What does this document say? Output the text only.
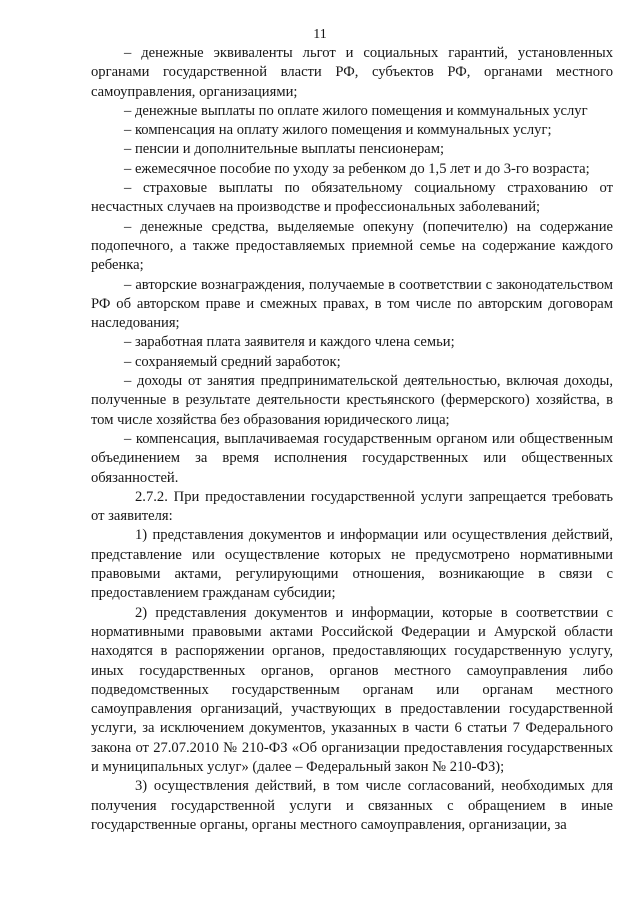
11

– денежные эквиваленты льгот и социальных гарантий, установленных органами государственной власти РФ, субъектов РФ, органами местного самоуправления, организациями;

– денежные выплаты по оплате жилого помещения и коммунальных услуг

– компенсация на оплату жилого помещения и коммунальных услуг;

– пенсии и дополнительные выплаты пенсионерам;

– ежемесячное пособие по уходу за ребенком до 1,5 лет и до 3-го возраста;

– страховые выплаты по обязательному социальному страхованию от несчастных случаев на производстве и профессиональных заболеваний;

– денежные средства, выделяемые опекуну (попечителю) на содержание подопечного, а также предоставляемых приемной семье на содержание каждого ребенка;

– авторские вознаграждения, получаемые в соответствии с законодательством РФ об авторском праве и смежных правах, в том числе по авторским договорам наследования;

– заработная плата заявителя и каждого члена семьи;

– сохраняемый средний заработок;

– доходы от занятия предпринимательской деятельностью, включая доходы, полученные в результате деятельности крестьянского (фермерского) хозяйства, в том числе хозяйства без образования юридического лица;

– компенсация, выплачиваемая государственным органом или общественным объединением за время исполнения государственных или общественных обязанностей.

2.7.2. При предоставлении государственной услуги запрещается требовать от заявителя:

1) представления документов и информации или осуществления действий, представление или осуществление которых не предусмотрено нормативными правовыми актами, регулирующими отношения, возникающие в связи с предоставлением гражданам субсидии;

2) представления документов и информации, которые в соответствии с нормативными правовыми актами Российской Федерации и Амурской области находятся в распоряжении органов, предоставляющих государственную услугу, иных государственных органов, органов местного самоуправления либо подведомственных государственным органам или органам местного самоуправления организаций, участвующих в предоставлении государственной услуги, за исключением документов, указанных в части 6 статьи 7 Федерального закона от 27.07.2010 № 210-ФЗ «Об организации предоставления государственных и муниципальных услуг» (далее – Федеральный закон № 210-ФЗ);

3) осуществления действий, в том числе согласований, необходимых для получения государственной услуги и связанных с обращением в иные государственные органы, органы местного самоуправления, организации, за
